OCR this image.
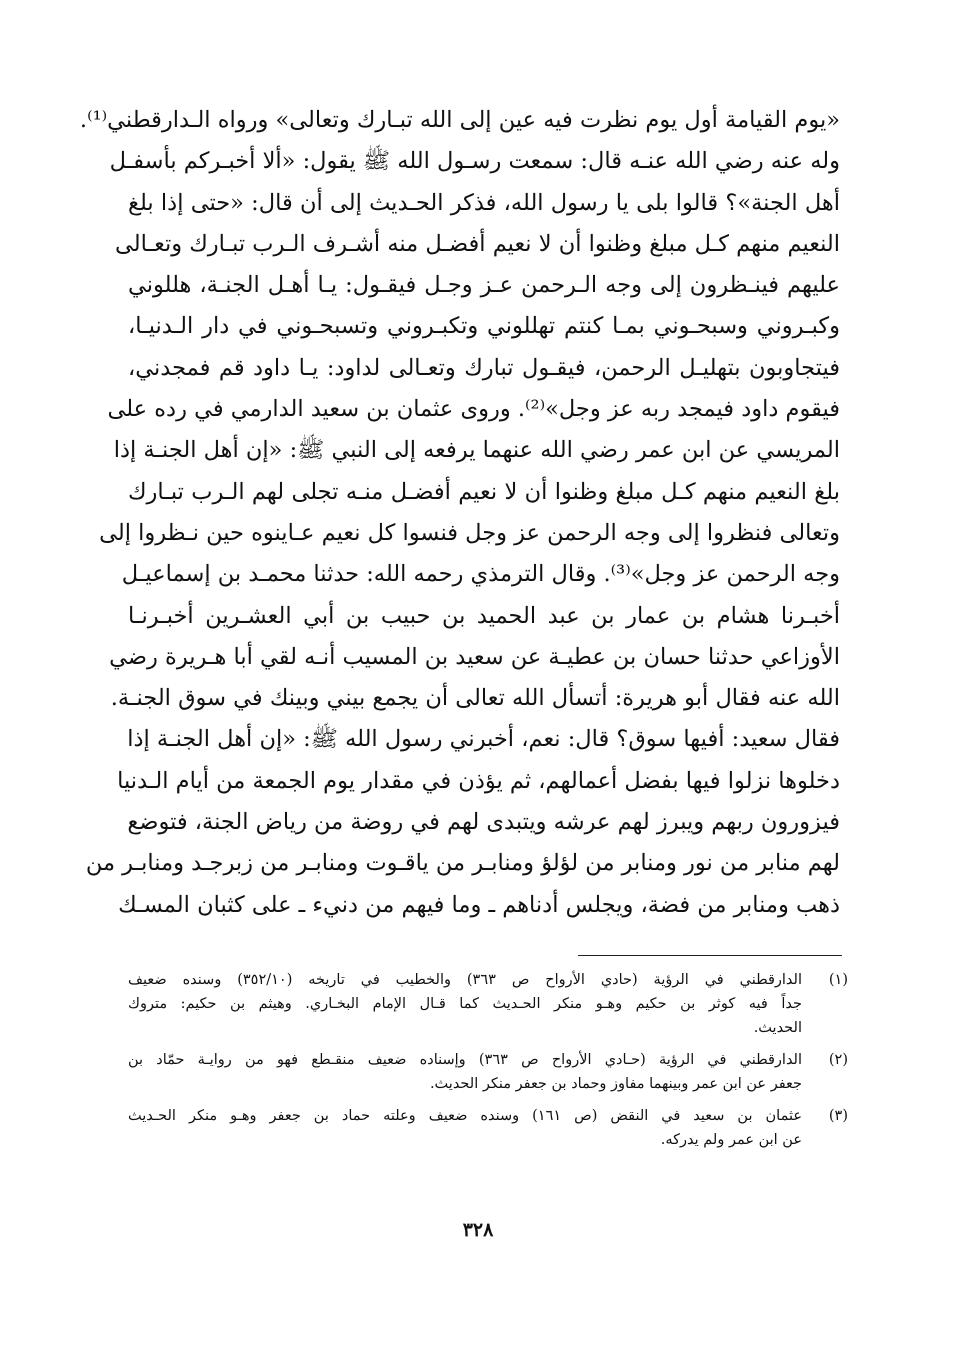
«يوم القيامة أول يوم نظرت فيه عين إلى الله تبـارك وتعالى» ورواه الـدارقطني⁽¹⁾.
وله عنه رضي الله عنـه قال: سمعت رسـول الله ﷺ يقول: «ألا أخبـركم بأسفـل
أهل الجنة»؟ قالوا بلى يا رسول الله، فذكر الحـديث إلى أن قال: «حتى إذا بلغ
النعيم منهم كـل مبلغ وظنوا أن لا نعيم أفضـل منه أشـرف الـرب تبـارك وتعـالى
عليهم فينـظرون إلى وجه الـرحمن عـز وجـل فيقـول: يـا أهـل الجنـة، هللوني
وكبـروني وسبحـوني بمـا كنتم تهللوني وتكبـروني وتسبحـوني في دار الـدنيـا،
فيتجاوبون بتهليـل الرحمن، فيقـول تبارك وتعـالى لداود: يـا داود قم فمجدني،
فيقوم داود فيمجد ربه عز وجل»⁽²⁾. وروى عثمان بن سعيد الدارمي في رده على
المريسي عن ابن عمر رضي الله عنهما يرفعه إلى النبي ﷺ: «إن أهل الجنـة إذا
بلغ النعيم منهم كـل مبلغ وظنوا أن لا نعيم أفضـل منـه تجلى لهم الـرب تبـارك
وتعالى فنظروا إلى وجه الرحمن عز وجل فنسوا كل نعيم عـاينوه حين نـظروا إلى
وجه الرحمن عز وجل»⁽³⁾. وقال الترمذي رحمه الله: حدثنا محمـد بن إسماعيـل
أخبـرنا هشام بن عمار بن عبد الحميد بن حبيب بن أبي العشـرين أخبـرنـا
الأوزاعي حدثنا حسان بن عطيـة عن سعيد بن المسيب أنـه لقي أبا هـريرة رضي
الله عنه فقال أبو هريرة: أتسأل الله تعالى أن يجمع بيني وبينك في سوق الجنـة.
فقال سعيد: أفيها سوق؟ قال: نعم، أخبرني رسول الله ﷺ: «إن أهل الجنـة إذا
دخلوها نزلوا فيها بفضل أعمالهم، ثم يؤذن في مقدار يوم الجمعة من أيام الـدنيا
فيزورون ربهم ويبرز لهم عرشه ويتبدى لهم في روضة من رياض الجنة، فتوضع
لهم منابر من نور ومنابر من لؤلؤ ومنابـر من ياقـوت ومنابـر من زبرجـد ومنابـر من
ذهب ومنابر من فضة، ويجلس أدناهم ـ وما فيهم من دنيء ـ على كثبان المسـك
(١)
الدارقطني في الرؤية (حادي الأرواح ص ٣٦٣) والخطيب في تاريخه (٣٥٢/١٠) وسنده ضعيف
جداً فيه كوثر بن حكيم وهـو منكر الحـديث كما قـال الإمام البخـاري. وهيثم بن حكيم: متروك
الحديث.
(٢)
الدارقطني في الرؤية (حـادي الأرواح ص ٣٦٣) وإسناده ضعيف منقـطع فهو من روايـة حمّاد بن
جعفر عن ابن عمر وبينهما مفاوز وحماد بن جعفر منكر الحديث.
(٣)
عثمان بن سعيد في النقض (ص ١٦١) وسنده ضعيف وعلته حماد بن جعفر وهـو منكر الحـديث
عن ابن عمر ولم يدركه.
٣٢٨
